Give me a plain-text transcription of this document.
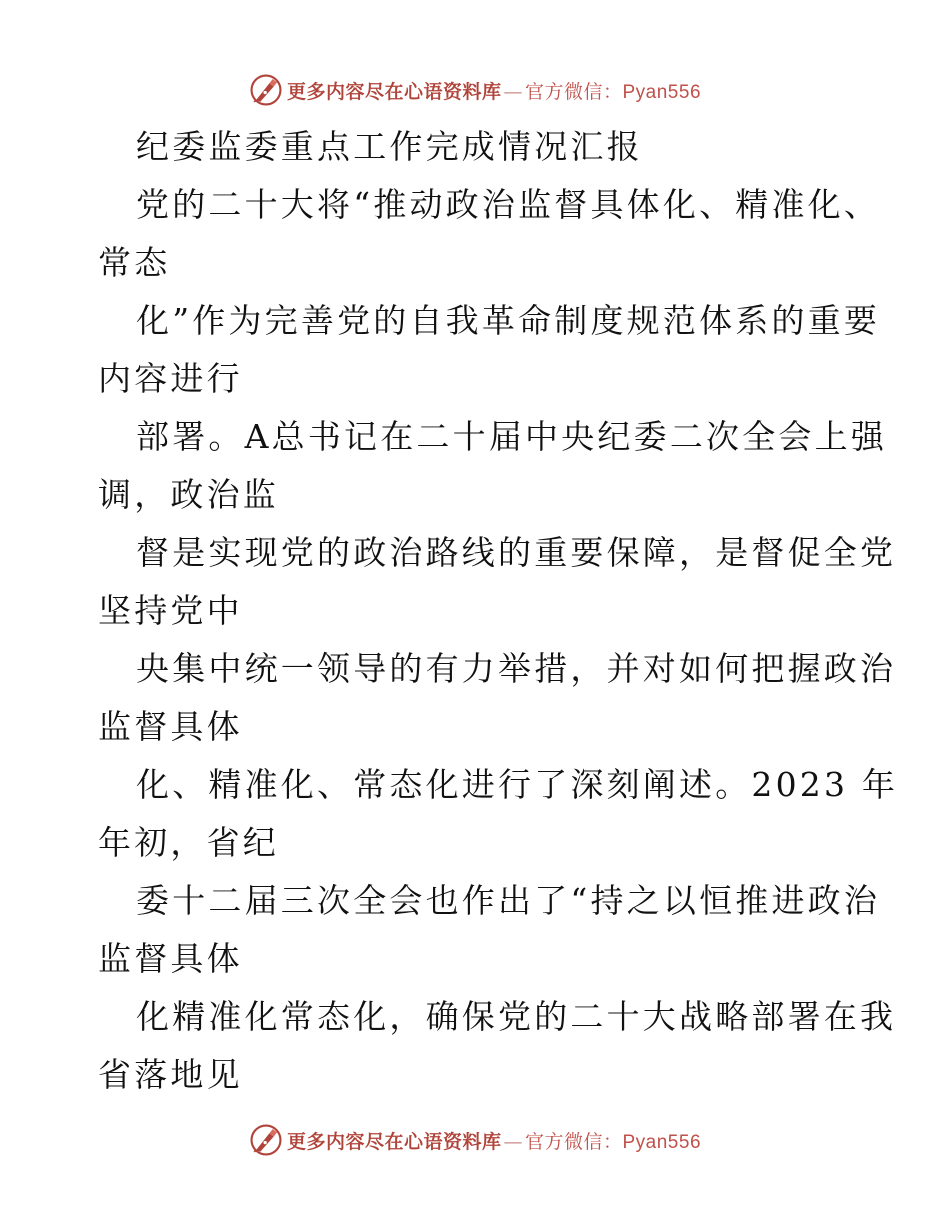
更多内容尽在心语资料库 — 官方微信：Pyan556
纪委监委重点工作完成情况汇报
党的二十大将“推动政治监督具体化、精准化、
常态
化”作为完善党的自我革命制度规范体系的重要
内容进行
部署。A总书记在二十届中央纪委二次全会上强
调，政治监
督是实现党的政治路线的重要保障，是督促全党
坚持党中
央集中统一领导的有力举措，并对如何把握政治
监督具体
化、精准化、常态化进行了深刻阐述。2023 年
年初，省纪
委十二届三次全会也作出了“持之以恒推进政治
监督具体
化精准化常态化，确保党的二十大战略部署在我
省落地见
更多内容尽在心语资料库 — 官方微信：Pyan556
